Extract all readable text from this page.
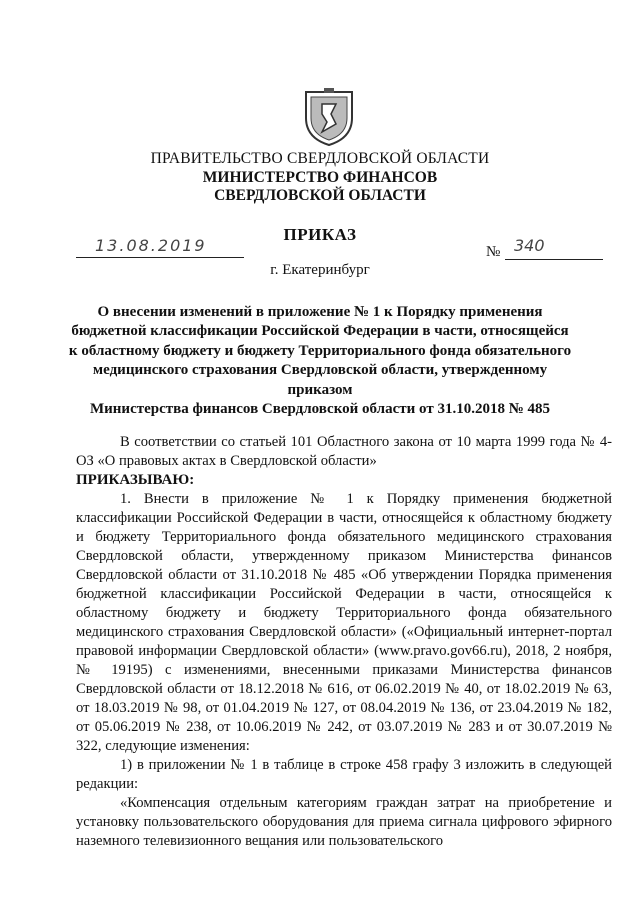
ПРАВИТЕЛЬСТВО СВЕРДЛОВСКОЙ ОБЛАСТИ
МИНИСТЕРСТВО ФИНАНСОВ
СВЕРДЛОВСКОЙ ОБЛАСТИ
ПРИКАЗ
13.08.2019	№ 340
г. Екатеринбург
О внесении изменений в приложение № 1 к Порядку применения
бюджетной классификации Российской Федерации в части, относящейся
к областному бюджету и бюджету Территориального фонда обязательного
медицинского страхования Свердловской области, утвержденному приказом
Министерства финансов Свердловской области от 31.10.2018 № 485

В соответствии со статьей 101 Областного закона от 10 марта 1999 года № 4-ОЗ «О правовых актах в Свердловской области»

ПРИКАЗЫВАЮ:

1. Внести в приложение № 1 к Порядку применения бюджетной классификации Российской Федерации в части, относящейся к областному бюджету и бюджету Территориального фонда обязательного медицинского страхования Свердловской области, утвержденному приказом Министерства финансов Свердловской области от 31.10.2018 № 485 «Об утверждении Порядка применения бюджетной классификации Российской Федерации в части, относящейся к областному бюджету и бюджету Территориального фонда обязательного медицинского страхования Свердловской области» («Официальный интернет-портал правовой информации Свердловской области» (www.pravo.gov66.ru), 2018, 2 ноября, № 19195) с изменениями, внесенными приказами Министерства финансов Свердловской области от 18.12.2018 № 616, от 06.02.2019 № 40, от 18.02.2019 № 63, от 18.03.2019 № 98, от 01.04.2019 № 127, от 08.04.2019 № 136, от 23.04.2019 № 182, от 05.06.2019 № 238, от 10.06.2019 № 242, от 03.07.2019 № 283 и от 30.07.2019 № 322, следующие изменения:

1) в приложении № 1 в таблице в строке 458 графу 3 изложить в следующей редакции:

«Компенсация отдельным категориям граждан затрат на приобретение и установку пользовательского оборудования для приема сигнала цифрового эфирного наземного телевизионного вещания или пользовательского
